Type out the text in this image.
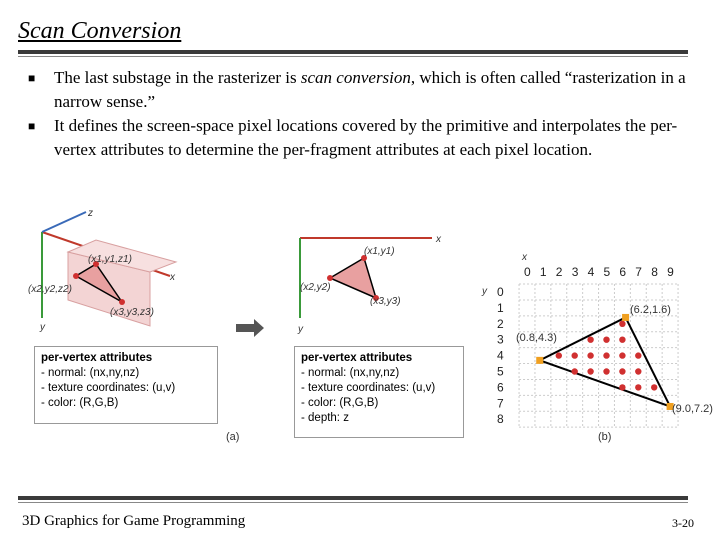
Scan Conversion
■	The last substage in the rasterizer is scan conversion, which is often called “rasterization in a narrow sense.”
■	It defines the screen-space pixel locations covered by the primitive and interpolates the per-vertex attributes to determine the per-fragment attributes at each pixel location.
x
y
z
(x1,y1,z1)
(x2,y2,z2)
(x3,y3,z3)
x
y
(x1,y1)
(x2,y2)
(x3,y3)
(a)
x
y
0 1 2 3 4 5 6 7 8 9
0
1
2
3
4
5
6
7
8
(6.2,1.6)
(0.8,4.3)
(9.0,7.2)
(b)
per-vertex attributes
- normal: (nx,ny,nz)
- texture coordinates: (u,v)
- color: (R,G,B)
per-vertex attributes
- normal: (nx,ny,nz)
- texture coordinates: (u,v)
- color: (R,G,B)
- depth: z
3D Graphics for Game Programming	3-20
